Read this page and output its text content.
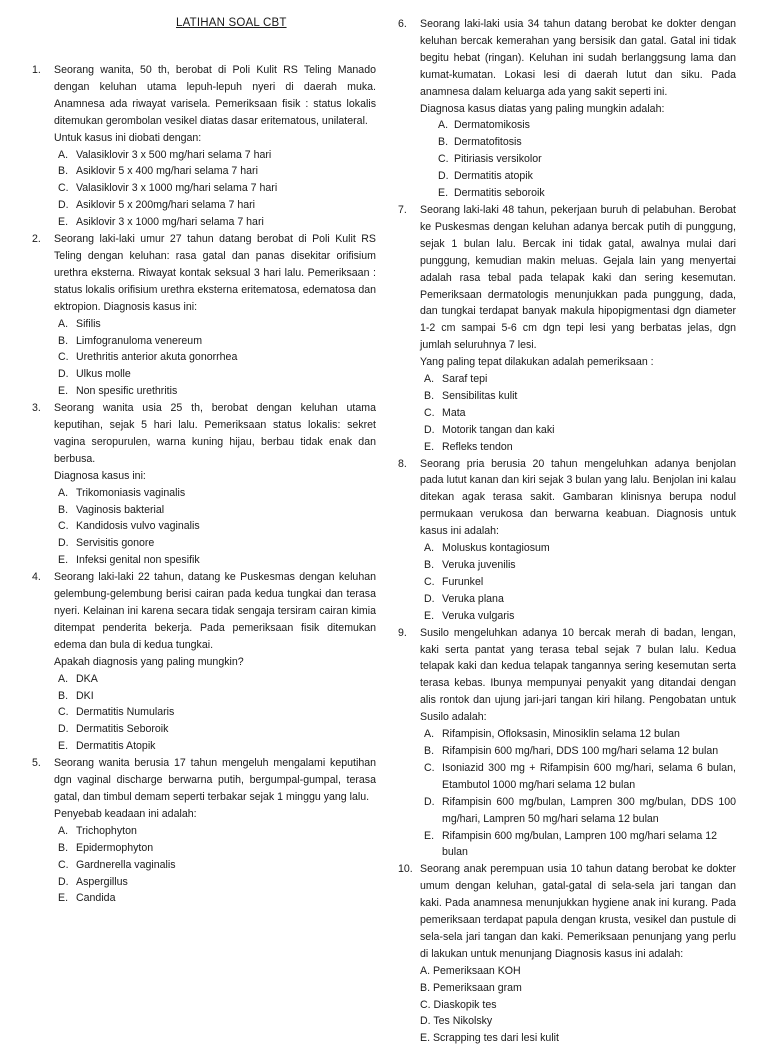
LATIHAN SOAL CBT
1. Seorang wanita, 50 th, berobat di Poli Kulit RS Teling Manado dengan keluhan utama lepuh-lepuh nyeri di daerah muka. Anamnesa ada riwayat varisela. Pemeriksaan fisik : status lokalis ditemukan gerombolan vesikel diatas dasar eritematous, unilateral.
Untuk kasus ini diobati dengan:
A. Valasiklovir 3 x 500 mg/hari selama 7 hari
B. Asiklovir 5 x 400 mg/hari selama 7 hari
C. Valasiklovir 3 x 1000 mg/hari selama 7 hari
D. Asiklovir 5 x 200mg/hari selama 7 hari
E. Asiklovir 3 x 1000 mg/hari selama 7 hari
2. Seorang laki-laki umur 27 tahun datang berobat di Poli Kulit RS Teling dengan keluhan: rasa gatal dan panas disekitar orifisium urethra eksterna. Riwayat kontak seksual 3 hari lalu. Pemeriksaan : status lokalis orifisium urethra eksterna eritematosa, edematosa dan ektropion. Diagnosis kasus ini:
A. Sifilis
B. Limfogranuloma venereum
C. Urethritis anterior akuta gonorrhea
D. Ulkus molle
E. Non spesific urethritis
3. Seorang wanita usia 25 th, berobat dengan keluhan utama keputihan, sejak 5 hari lalu. Pemeriksaan status lokalis: sekret vagina seropurulen, warna kuning hijau, berbau tidak enak dan berbusa.
Diagnosa kasus ini:
A. Trikomoniasis vaginalis
B. Vaginosis bakterial
C. Kandidosis vulvo vaginalis
D. Servisitis gonore
E. Infeksi genital non spesifik
4. Seorang laki-laki 22 tahun, datang ke Puskesmas dengan keluhan gelembung-gelembung berisi cairan pada kedua tungkai dan terasa nyeri. Kelainan ini karena secara tidak sengaja tersiram cairan kimia ditempat penderita bekerja. Pada pemeriksaan fisik ditemukan edema dan bula di kedua tungkai.
Apakah diagnosis yang paling mungkin?
A. DKA
B. DKI
C. Dermatitis Numularis
D. Dermatitis Seboroik
E. Dermatitis Atopik
5. Seorang wanita berusia 17 tahun mengeluh mengalami keputihan dgn vaginal discharge berwarna putih, bergumpal-gumpal, terasa gatal, dan timbul demam seperti terbakar sejak 1 minggu yang lalu.
Penyebab keadaan ini adalah:
A. Trichophyton
B. Epidermophyton
C. Gardnerella vaginalis
D. Aspergillus
E. Candida
6. Seorang laki-laki usia 34 tahun datang berobat ke dokter dengan keluhan bercak kemerahan yang bersisik dan gatal. Gatal ini tidak begitu hebat (ringan). Keluhan ini sudah berlanggsung lama dan kumat-kumatan. Lokasi lesi di daerah lutut dan siku. Pada anamnesa dalam keluarga ada yang sakit seperti ini.
Diagnosa kasus diatas yang paling mungkin adalah:
A. Dermatomikosis
B. Dermatofitosis
C. Pitiriasis versikolor
D. Dermatitis atopik
E. Dermatitis seboroik
7. Seorang laki-laki 48 tahun, pekerjaan buruh di pelabuhan. Berobat ke Puskesmas dengan keluhan adanya bercak putih di punggung, sejak 1 bulan lalu. Bercak ini tidak gatal, awalnya mulai dari punggung, kemudian makin meluas. Gejala lain yang menyertai adalah rasa tebal pada telapak kaki dan sering kesemutan. Pemeriksaan dermatologis menunjukkan pada punggung, dada, dan tungkai terdapat banyak makula hipopigmentasi dgn diameter 1-2 cm sampai 5-6 cm dgn tepi lesi yang berbatas jelas, dgn jumlah seluruhnya 7 lesi.
Yang paling tepat dilakukan adalah pemeriksaan :
A. Saraf tepi
B. Sensibilitas kulit
C. Mata
D. Motorik tangan dan kaki
E. Refleks tendon
8. Seorang pria berusia 20 tahun mengeluhkan adanya benjolan pada lutut kanan dan kiri sejak 3 bulan yang lalu. Benjolan ini kalau ditekan agak terasa sakit. Gambaran klinisnya berupa nodul permukaan verukosa dan berwarna keabuan. Diagnosis untuk kasus ini adalah:
A. Moluskus kontagiosum
B. Veruka juvenilis
C. Furunkel
D. Veruka plana
E. Veruka vulgaris
9. Susilo mengeluhkan adanya 10 bercak merah di badan, lengan, kaki serta pantat yang terasa tebal sejak 7 bulan lalu. Kedua telapak kaki dan kedua telapak tangannya sering kesemutan serta terasa kebas. Ibunya mempunyai penyakit yang ditandai dengan alis rontok dan ujung jari-jari tangan kiri hilang. Pengobatan untuk Susilo adalah:
A. Rifampisin, Ofloksasin, Minosiklin selama 12 bulan
B. Rifampisin 600 mg/hari, DDS 100 mg/hari selama 12 bulan
C. Isoniazid 300 mg + Rifampisin 600 mg/hari, selama 6 bulan, Etambutol 1000 mg/hari selama 12 bulan
D. Rifampisin 600 mg/bulan, Lampren 300 mg/bulan, DDS 100 mg/hari, Lampren 50 mg/hari selama 12 bulan
E. Rifampisin 600 mg/bulan, Lampren 100 mg/hari selama 12 bulan
10. Seorang anak perempuan usia 10 tahun datang berobat ke dokter umum dengan keluhan, gatal-gatal di sela-sela jari tangan dan kaki. Pada anamnesa menunjukkan hygiene anak ini kurang. Pada pemeriksaan terdapat papula dengan krusta, vesikel dan pustule di sela-sela jari tangan dan kaki. Pemeriksaan penunjang yang perlu di lakukan untuk menunjang Diagnosis kasus ini adalah:
A. Pemeriksaan KOH
B. Pemeriksaan gram
C. Diaskopik tes
D. Tes Nikolsky
E. Scrapping tes dari lesi kulit
